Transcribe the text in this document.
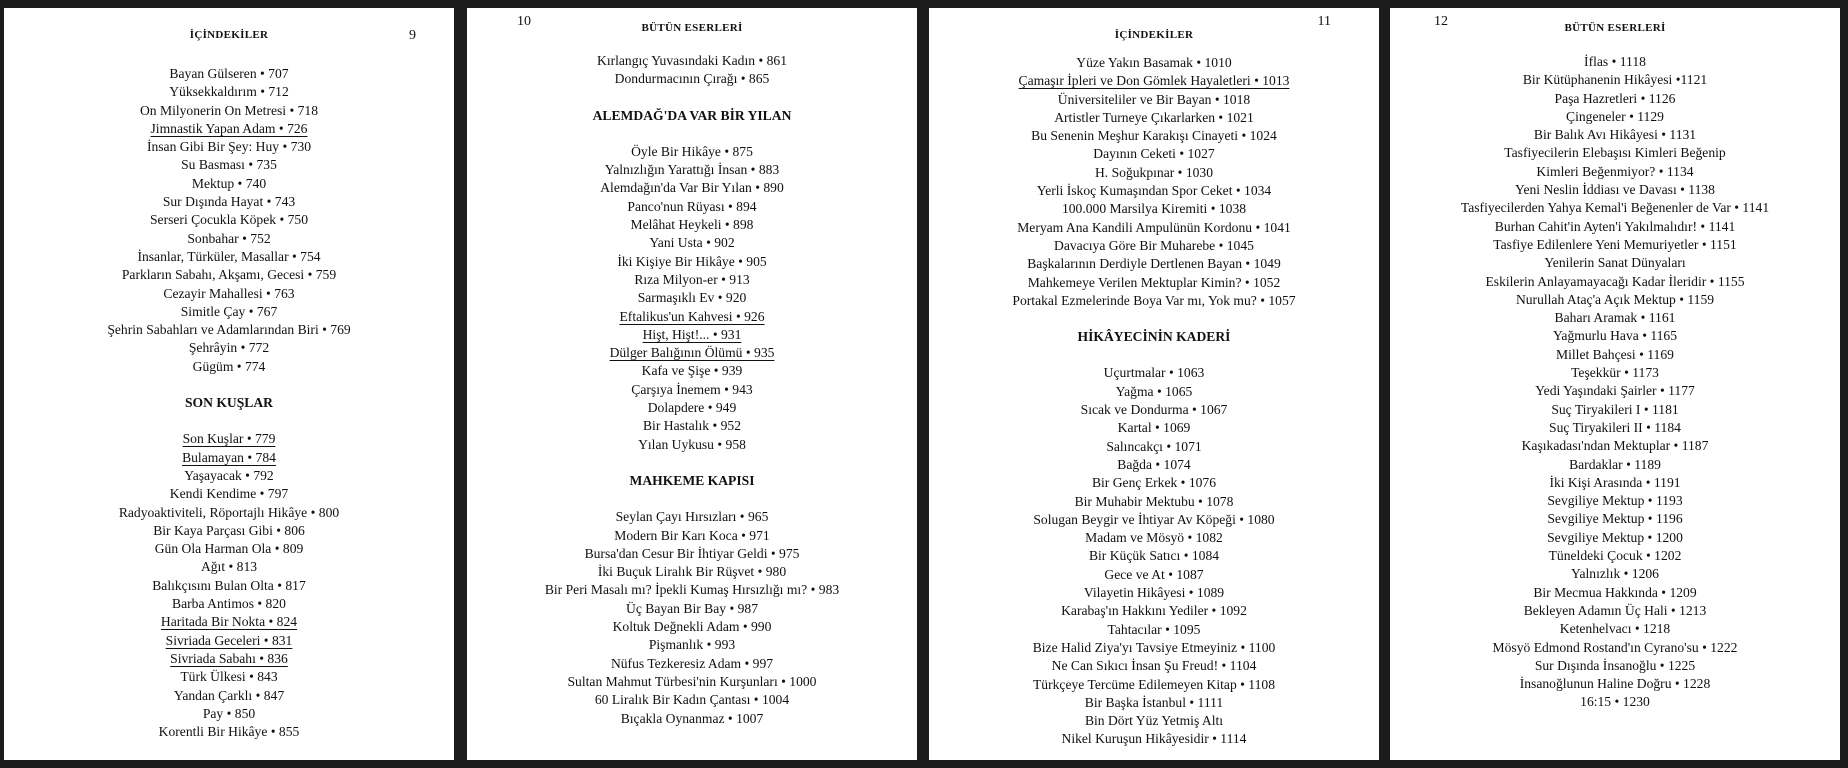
İÇİNDEKİLER	9
Bayan Gülseren • 707
Yüksekkaldırım • 712
On Milyonerin On Metresi • 718
Jimnastik Yapan Adam • 726
İnsan Gibi Bir Şey: Huy • 730
Su Basması • 735
Mektup • 740
Sur Dışında Hayat • 743
Serseri Çocukla Köpek • 750
Sonbahar • 752
İnsanlar, Türküler, Masallar • 754
Parkların Sabahı, Akşamı, Gecesi • 759
Cezayir Mahallesi • 763
Simitle Çay • 767
Şehrin Sabahları ve Adamlarından Biri • 769
Şehrâyin • 772
Gügüm • 774
SON KUŞLAR
Son Kuşlar • 779
Bulamayan • 784
Yaşayacak • 792
Kendi Kendime • 797
Radyoaktiviteli, Röportajlı Hikâye • 800
Bir Kaya Parçası Gibi • 806
Gün Ola Harman Ola • 809
Ağıt • 813
Balıkçısını Bulan Olta • 817
Barba Antimos • 820
Haritada Bir Nokta • 824
Sivriada Geceleri • 831
Sivriada Sabahı • 836
Türk Ülkesi • 843
Yandan Çarklı • 847
Pay • 850
Korentli Bir Hikâye • 855
BÜTÜN ESERLERİ
10
Kırlangıç Yuvasındaki Kadın • 861
Dondurmacının Çırağı • 865
ALEMDAĞ'DA VAR BİR YILAN
Öyle Bir Hikâye • 875
Yalnızlığın Yarattığı İnsan • 883
Alemdağın'da Var Bir Yılan • 890
Panco'nun Rüyası • 894
Melâhat Heykeli • 898
Yani Usta • 902
İki Kişiye Bir Hikâye • 905
Rıza Milyon-er • 913
Sarmaşıklı Ev • 920
Eftalikus'un Kahvesi • 926
Hişt, Hişt!... • 931
Dülger Balığının Ölümü • 935
Kafa ve Şişe • 939
Çarşıya İnemem • 943
Dolapdere • 949
Bir Hastalık • 952
Yılan Uykusu • 958
MAHKEME KAPISI
Seylan Çayı Hırsızları • 965
Modern Bir Karı Koca • 971
Bursa'dan Cesur Bir İhtiyar Geldi • 975
İki Buçuk Liralık Bir Rüşvet • 980
Bir Peri Masalı mı? İpekli Kumaş Hırsızlığı mı? • 983
Üç Bayan Bir Bay • 987
Koltuk Değnekli Adam • 990
Pişmanlık • 993
Nüfus Tezkeresiz Adam • 997
Sultan Mahmut Türbesi'nin Kurşunları • 1000
60 Liralık Bir Kadın Çantası • 1004
Bıçakla Oynanmaz • 1007
İÇİNDEKİLER
11
Yüze Yakın Basamak • 1010
Çamaşır İpleri ve Don Gömlek Hayaletleri • 1013
Üniversiteliler ve Bir Bayan • 1018
Artistler Turneye Çıkarlarken • 1021
Bu Senenin Meşhur Karakışı Cinayeti • 1024
Dayının Ceketi • 1027
H. Soğukpınar • 1030
Yerli İskoç Kumaşından Spor Ceket • 1034
100.000 Marsilya Kiremiti • 1038
Meryam Ana Kandili Ampulünün Kordonu • 1041
Davacıya Göre Bir Muharebe • 1045
Başkalarının Derdiyle Dertlenen Bayan • 1049
Mahkemeye Verilen Mektuplar Kimin? • 1052
Portakal Ezmelerinde Boya Var mı, Yok mu? • 1057
HİKÂYECİNİN KADERİ
Uçurtmalar • 1063
Yağma • 1065
Sıcak ve Dondurma • 1067
Kartal • 1069
Salıncakçı • 1071
Bağda • 1074
Bir Genç Erkek • 1076
Bir Muhabir Mektubu • 1078
Solugan Beygir ve İhtiyar Av Köpeği • 1080
Madam ve Mösyö • 1082
Bir Küçük Satıcı • 1084
Gece ve At • 1087
Vilayetin Hikâyesi • 1089
Karabaş'ın Hakkını Yediler • 1092
Tahtacılar • 1095
Bize Halid Ziya'yı Tavsiye Etmeyiniz • 1100
Ne Can Sıkıcı İnsan Şu Freud! • 1104
Türkçeye Tercüme Edilemeyen Kitap • 1108
Bir Başka İstanbul • 1111
Bin Dört Yüz Yetmiş Altı
Nikel Kuruşun Hikâyesidir • 1114
BÜTÜN ESERLERİ
12
İflas • 1118
Bir Kütüphanenin Hikâyesi •1121
Paşa Hazretleri • 1126
Çingeneler • 1129
Bir Balık Avı Hikâyesi • 1131
Tasfiyecilerin Elebaşısı Kimleri Beğenip
Kimleri Beğenmiyor? • 1134
Yeni Neslin İddiası ve Davası • 1138
Tasfiyecilerden Yahya Kemal'i Beğenenler de Var • 1141
Burhan Cahit'in Ayten'i Yakılmalıdır! • 1141
Tasfiye Edilenlere Yeni Memuriyetler • 1151
Yenilerin Sanat Dünyaları
Eskilerin Anlayamayacağı Kadar İleridir • 1155
Nurullah Ataç'a Açık Mektup • 1159
Baharı Aramak • 1161
Yağmurlu Hava • 1165
Millet Bahçesi • 1169
Teşekkür • 1173
Yedi Yaşındaki Şairler • 1177
Suç Tiryakileri I • 1181
Suç Tiryakileri II • 1184
Kaşıkadası'ndan Mektuplar • 1187
Bardaklar • 1189
İki Kişi Arasında • 1191
Sevgiliye Mektup • 1193
Sevgiliye Mektup • 1196
Sevgiliye Mektup • 1200
Tüneldeki Çocuk • 1202
Yalnızlık • 1206
Bir Mecmua Hakkında • 1209
Bekleyen Adamın Üç Hali • 1213
Ketenhelvacı • 1218
Mösyö Edmond Rostand'ın Cyrano'su • 1222
Sur Dışında İnsanoğlu • 1225
İnsanoğlunun Haline Doğru • 1228
16:15 • 1230
